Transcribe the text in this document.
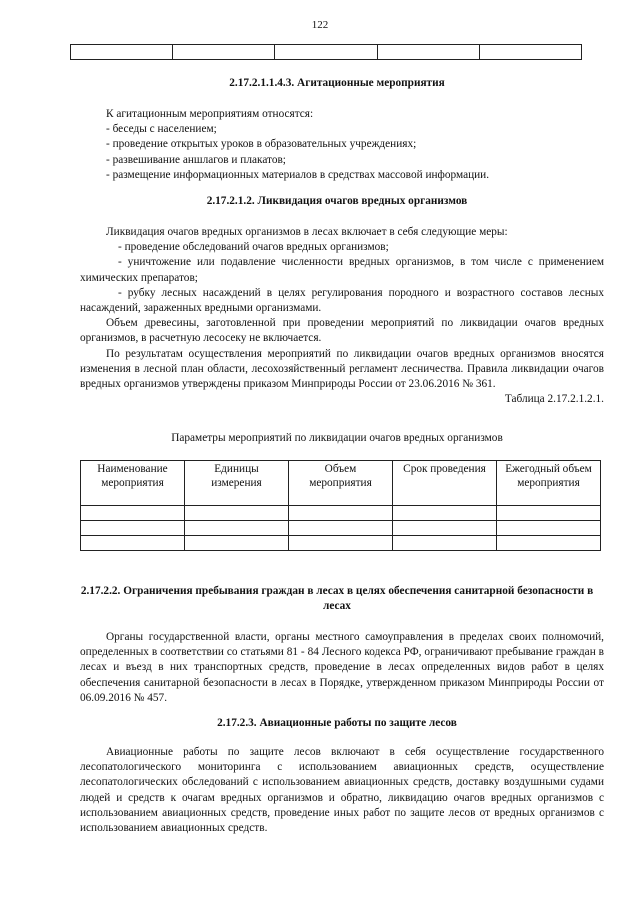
122

2.17.2.1.1.4.3. Агитационные мероприятия

К агитационным мероприятиям относятся:

- беседы с населением;

- проведение открытых уроков в образовательных учреждениях;

- развешивание аншлагов и плакатов;

- размещение информационных материалов в средствах массовой информации.

2.17.2.1.2. Ликвидация очагов вредных организмов

Ликвидация очагов вредных организмов в лесах включает в себя следующие меры:

- проведение обследований очагов вредных организмов;

- уничтожение или подавление численности вредных организмов, в том числе с применением химических препаратов;

- рубку лесных насаждений в целях регулирования породного и возрастного составов лесных насаждений, зараженных вредными организмами.

Объем древесины, заготовленной при проведении мероприятий по ликвидации очагов вредных организмов, в расчетную лесосеку не включается.

По результатам осуществления мероприятий по ликвидации очагов вредных организмов вносятся изменения в лесной план области, лесохозяйственный регламент лесничества. Правила ликвидации очагов вредных организмов утверждены приказом Минприроды России от 23.06.2016 № 361.

Таблица 2.17.2.1.2.1.

Параметры мероприятий по ликвидации очагов вредных организмов
Наименование мероприятия	Единицы измерения	Объем мероприятия	Срок проведения	Ежегодный объем мероприятия

2.17.2.2. Ограничения пребывания граждан в лесах в целях обеспечения санитарной безопасности в лесах

Органы государственной власти, органы местного самоуправления в пределах своих полномочий, определенных в соответствии со статьями 81 - 84 Лесного кодекса РФ, ограничивают пребывание граждан в лесах и въезд в них транспортных средств, проведение в лесах определенных видов работ в целях обеспечения санитарной безопасности в лесах в Порядке, утвержденном приказом Минприроды России от 06.09.2016 № 457.

2.17.2.3. Авиационные работы по защите лесов

Авиационные работы по защите лесов включают в себя осуществление государственного лесопатологического мониторинга с использованием авиационных средств, осуществление лесопатологических обследований с использованием авиационных средств, доставку воздушными судами людей и средств к очагам вредных организмов и обратно, ликвидацию очагов вредных организмов с использованием авиационных средств, проведение иных работ по защите лесов от вредных организмов с использованием авиационных средств.
